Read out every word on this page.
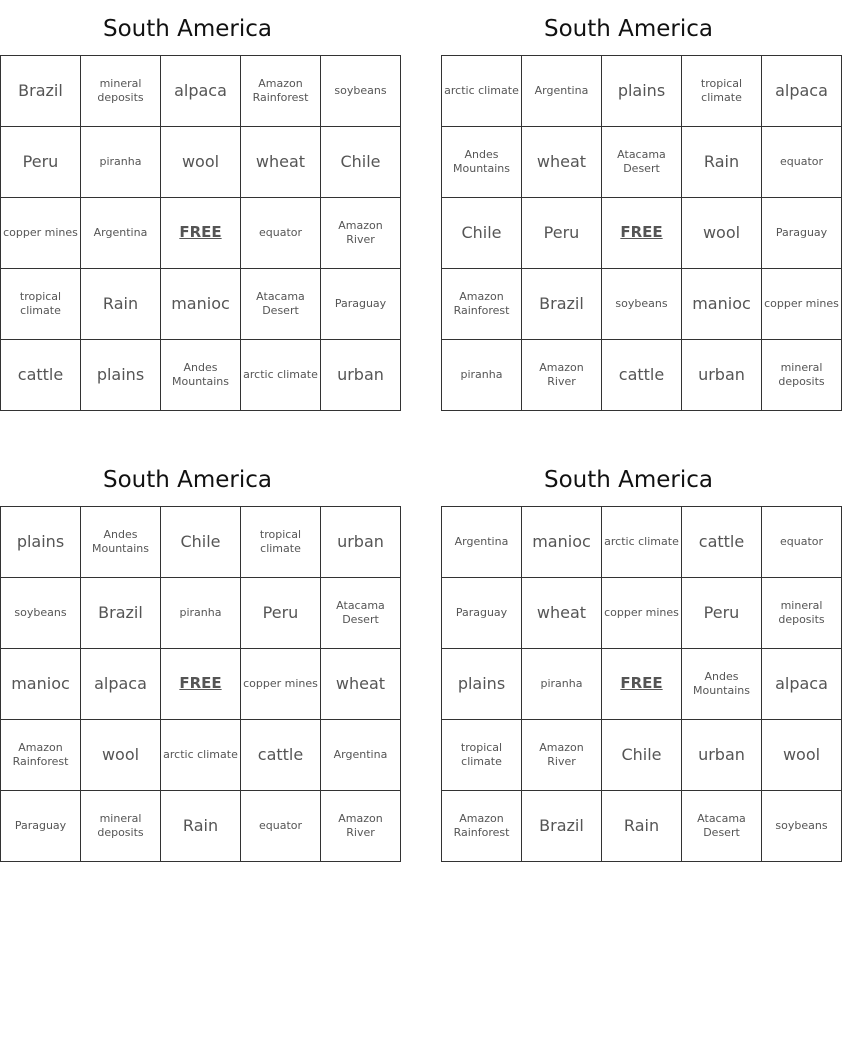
South America
Brazil	mineral deposits	alpaca	Amazon Rainforest	soybeans
Peru	piranha	wool	wheat	Chile
copper mines	Argentina	FREE	equator	Amazon River
tropical climate	Rain	manioc	Atacama Desert	Paraguay
cattle	plains	Andes Mountains	arctic climate	urban
South America
arctic climate	Argentina	plains	tropical climate	alpaca
Andes Mountains	wheat	Atacama Desert	Rain	equator
Chile	Peru	FREE	wool	Paraguay
Amazon Rainforest	Brazil	soybeans	manioc	copper mines
piranha	Amazon River	cattle	urban	mineral deposits
South America
plains	Andes Mountains	Chile	tropical climate	urban
soybeans	Brazil	piranha	Peru	Atacama Desert
manioc	alpaca	FREE	copper mines	wheat
Amazon Rainforest	wool	arctic climate	cattle	Argentina
Paraguay	mineral deposits	Rain	equator	Amazon River
South America
Argentina	manioc	arctic climate	cattle	equator
Paraguay	wheat	copper mines	Peru	mineral deposits
plains	piranha	FREE	Andes Mountains	alpaca
tropical climate	Amazon River	Chile	urban	wool
Amazon Rainforest	Brazil	Rain	Atacama Desert	soybeans
